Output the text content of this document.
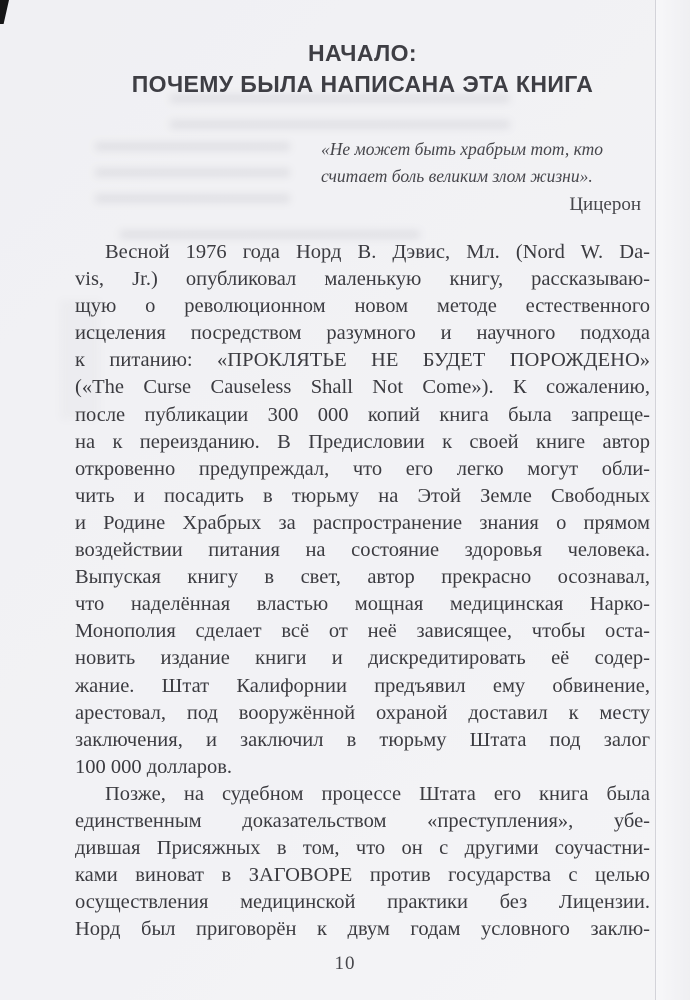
НАЧАЛО:
ПОЧЕМУ БЫЛА НАПИСАНА ЭТА КНИГА
«Не может быть храбрым тот, кто
считает боль великим злом жизни».
Цицерон
Весной 1976 года Норд В. Дэвис, Мл. (Nord W. Da-
vis, Jr.) опубликовал маленькую книгу, рассказываю-
щую о революционном новом методе естественного
исцеления посредством разумного и научного подхода
к питанию: «ПРОКЛЯТЬЕ НЕ БУДЕТ ПОРОЖДЕНО»
(«The Curse Causeless Shall Not Come»). К сожалению,
после публикации 300 000 копий книга была запреще-
на к переизданию. В Предисловии к своей книге автор
откровенно предупреждал, что его легко могут обли-
чить и посадить в тюрьму на Этой Земле Свободных
и Родине Храбрых за распространение знания о прямом
воздействии питания на состояние здоровья человека.
Выпуская книгу в свет, автор прекрасно осознавал,
что наделённая властью мощная медицинская Нарко-
Монополия сделает всё от неё зависящее, чтобы оста-
новить издание книги и дискредитировать её содер-
жание. Штат Калифорнии предъявил ему обвинение,
арестовал, под вооружённой охраной доставил к месту
заключения, и заключил в тюрьму Штата под залог
100 000 долларов.
Позже, на судебном процессе Штата его книга была
единственным доказательством «преступления», убе-
дившая Присяжных в том, что он с другими соучастни-
ками виноват в ЗАГОВОРЕ против государства с целью
осуществления медицинской практики без Лицензии.
Норд был приговорён к двум годам условного заклю-
10
